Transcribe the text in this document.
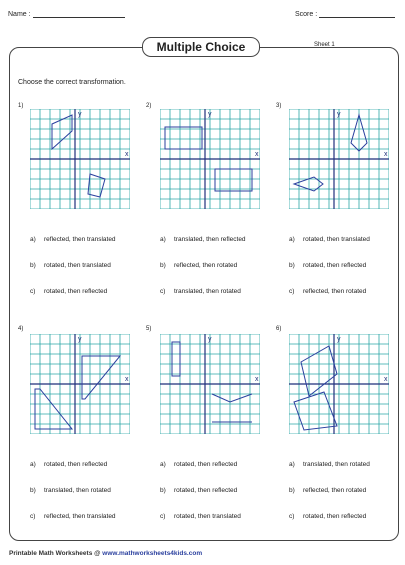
Name :	Score :
Multiple Choice	Sheet 1
Choose the correct transformation.
1)
x
y
a) reflected, then translated
b) rotated, then translated
c) rotated, then reflected
2)
x
y
a) translated, then reflected
b) reflected, then rotated
c) translated, then rotated
3)
x
y
a) rotated, then translated
b) rotated, then reflected
c) reflected, then rotated
4)
x
y
a) rotated, then reflected
b) translated, then rotated
c) reflected, then translated
5)
x
y
a) rotated, then reflected
b) rotated, then reflected
c) rotated, then translated
6)
x
y
a) translated, then rotated
b) reflected, then rotated
c) rotated, then reflected
Printable Math Worksheets @ www.mathworksheets4kids.com
